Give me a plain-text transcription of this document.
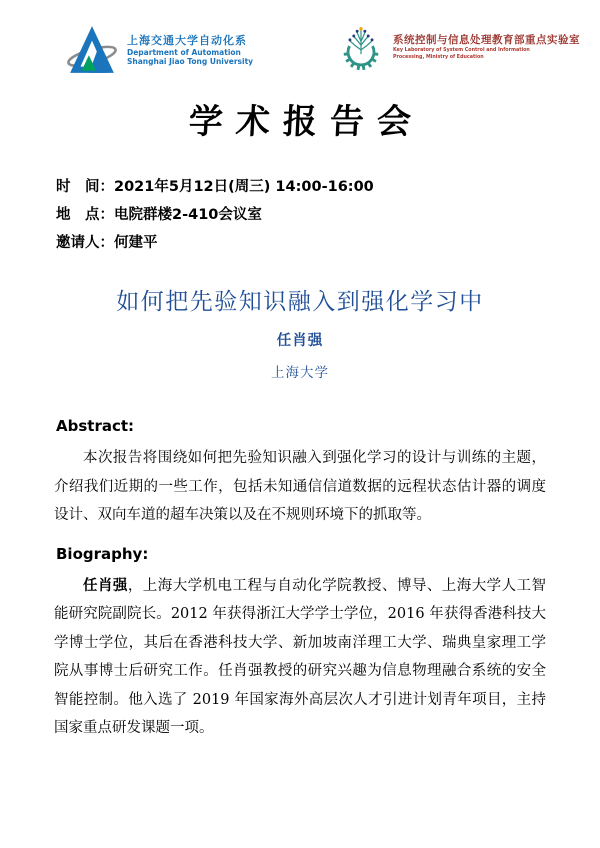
上海交通大学自动化系
Department of Automation
Shanghai Jiao Tong University
系统控制与信息处理教育部重点实验室
Key Laboratory of System Control and Information Processing, Ministry of Education
学术报告会
时　间：2021年5月12日(周三) 14:00-16:00
地　点：电院群楼2-410会议室
邀请人：何建平
如何把先验知识融入到强化学习中
任肖强
上海大学
Abstract:

本次报告将围绕如何把先验知识融入到强化学习的设计与训练的主题，介绍我们近期的一些工作，包括未知通信信道数据的远程状态估计器的调度设计、双向车道的超车决策以及在不规则环境下的抓取等。

Biography:

任肖强，上海大学机电工程与自动化学院教授、博导、上海大学人工智能研究院副院长。2012 年获得浙江大学学士学位，2016 年获得香港科技大学博士学位，其后在香港科技大学、新加坡南洋理工大学、瑞典皇家理工学院从事博士后研究工作。任肖强教授的研究兴趣为信息物理融合系统的安全智能控制。他入选了 2019 年国家海外高层次人才引进计划青年项目，主持国家重点研发课题一项。
